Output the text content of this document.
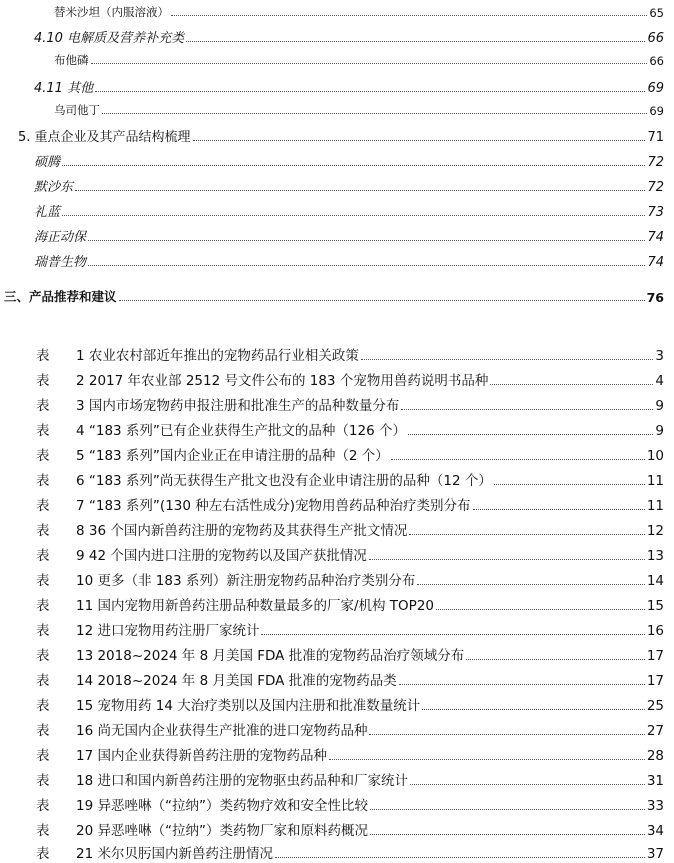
替米沙坦（内服溶液）	65
4.10 电解质及营养补充类	66
布他磷	66
4.11 其他	69
乌司他丁	69
5. 重点企业及其产品结构梳理	71
硕腾	72
默沙东	72
礼蓝	73
海正动保	74
瑞普生物	74
三、产品推荐和建议	76
表 1 农业农村部近年推出的宠物药品行业相关政策	3
表 2 2017 年农业部 2512 号文件公布的 183 个宠物用兽药说明书品种	4
表 3 国内市场宠物药申报注册和批准生产的品种数量分布	9
表 4 “183 系列”已有企业获得生产批文的品种（126 个）	9
表 5 “183 系列”国内企业正在申请注册的品种（2 个）	10
表 6 “183 系列”尚无获得生产批文也没有企业申请注册的品种（12 个）	11
表 7 “183 系列”(130 种左右活性成分)宠物用兽药品种治疗类别分布	11
表 8 36 个国内新兽药注册的宠物药及其获得生产批文情况	12
表 9 42 个国内进口注册的宠物药以及国产获批情况	13
表 10 更多（非 183 系列）新注册宠物药品种治疗类别分布	14
表 11 国内宠物用新兽药注册品种数量最多的厂家/机构 TOP20	15
表 12 进口宠物用药注册厂家统计	16
表 13 2018~2024 年 8 月美国 FDA 批准的宠物药品治疗领域分布	17
表 14 2018~2024 年 8 月美国 FDA 批准的宠物药品类	17
表 15 宠物用药 14 大治疗类别以及国内注册和批准数量统计	25
表 16 尚无国内企业获得生产批准的进口宠物药品种	27
表 17 国内企业获得新兽药注册的宠物药品种	28
表 18 进口和国内新兽药注册的宠物驱虫药品种和厂家统计	31
表 19 异恶唑啉（“拉纳”）类药物疗效和安全性比较	33
表 20 异恶唑啉（“拉纳”）类药物厂家和原料药概况	34
表 21 米尔贝肟国内新兽药注册情况	37
